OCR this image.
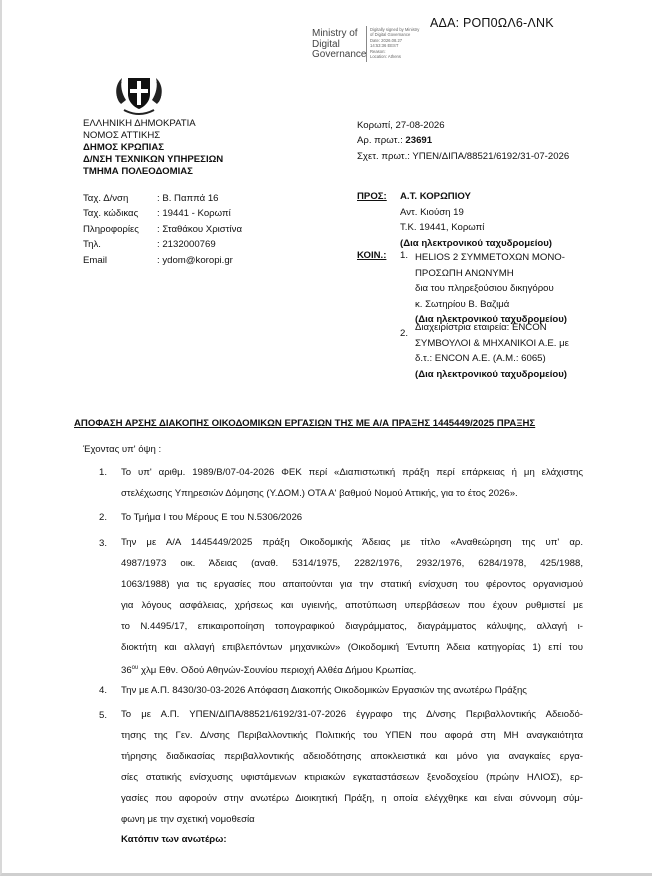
ΑΔΑ: ΡΟΠ0ΩΛ6-ΛΝΚ
Ministry of
Digital
Governance
Digitally signed by Ministry
of Digital Governance
Date: 2026.08.27
14:53:36 EEST
Reason:
Location: Athens
ΕΛΛΗΝΙΚΗ ΔΗΜΟΚΡΑΤΙΑ
ΝΟΜΟΣ ΑΤΤΙΚΗΣ
ΔΗΜΟΣ ΚΡΩΠΙΑΣ
Δ/ΝΣΗ ΤΕΧΝΙΚΩΝ ΥΠΗΡΕΣΙΩΝ
ΤΜΗΜΑ ΠΟΛΕΟΔΟΜΙΑΣ
Ταχ. Δ/νση
Ταχ. κώδικας
Πληροφορίες
Τηλ.
Email
: Β. Παππά 16
: 19441 - Κορωπί
: Σταθάκου Χριστίνα
: 2132000769
: ydom@koropi.gr
Κορωπί, 27-08-2026
Αρ. πρωτ.: 23691
Σχετ. πρωτ.: ΥΠΕΝ/ΔΙΠΑ/88521/6192/31-07-2026
ΠΡΟΣ: Α.Τ. ΚΟΡΩΠΙΟΥ
Αντ. Κιούση 19
Τ.Κ. 19441, Κορωπί
(Δια ηλεκτρονικού ταχυδρομείου)
ΚΟΙΝ.: 1. HELIOS 2 ΣΥΜΜΕΤΟΧΩΝ ΜΟΝΟ-
ΠΡΟΣΩΠΗ ΑΝΩΝΥΜΗ
δια του πληρεξούσιου δικηγόρου
κ. Σωτηρίου Β. Βαζιμά
(Δια ηλεκτρονικού ταχυδρομείου)
2.
Διαχειρίστρια εταιρεία: ENCON
ΣΥΜΒΟΥΛΟΙ & ΜΗΧΑΝΙΚΟΙ Α.Ε. με
δ.τ.: ENCON Α.Ε. (Α.Μ.: 6065)
(Δια ηλεκτρονικού ταχυδρομείου)
ΑΠΟΦΑΣΗ ΑΡΣΗΣ ΔΙΑΚΟΠΗΣ ΟΙΚΟΔΟΜΙΚΩΝ ΕΡΓΑΣΙΩΝ ΤΗΣ ΜΕ Α/Α ΠΡΑΞΗΣ 1445449/2025 ΠΡΑΞΗΣ
Έχοντας υπ' όψη :
1. Το υπ' αριθμ. 1989/Β/07-04-2026 ΦΕΚ περί «Διαπιστωτική πράξη περί επάρκειας ή μη ελάχιστης
στελέχωσης Υπηρεσιών Δόμησης (Υ.ΔΟΜ.) ΟΤΑ Α' βαθμού Νομού Αττικής, για το έτος 2026».
2. Το Τμήμα Ι του Μέρους Ε του Ν.5306/2026
3. Την με Α/Α 1445449/2025 πράξη Οικοδομικής Άδειας με τίτλο «Αναθεώρηση της υπ' αρ.
4987/1973 οικ. Άδειας (αναθ. 5314/1975, 2282/1976, 2932/1976, 6284/1978, 425/1988,
1063/1988) για τις εργασίες που απαιτούνται για την στατική ενίσχυση του φέροντος οργανισμού
για λόγους ασφάλειας, χρήσεως και υγιεινής, αποτύπωση υπερβάσεων που έχουν ρυθμιστεί με
το Ν.4495/17, επικαιροποίηση τοπογραφικού διαγράμματος, διαγράμματος κάλυψης, αλλαγή ι-
διοκτήτη και αλλαγή επιβλεπόντων μηχανικών» (Οικοδομική Έντυπη Άδεια κατηγορίας 1) επί του
$36^{o\upsilon}$ χλμ Εθν. Οδού Αθηνών-Σουνίου περιοχή Αλθέα Δήμου Κρωπίας.
4. Την με Α.Π. 8430/30-03-2026 Απόφαση Διακοπής Οικοδομικών Εργασιών της ανωτέρω Πράξης
5. Το με Α.Π. ΥΠΕΝ/ΔΙΠΑ/88521/6192/31-07-2026 έγγραφο της Δ/νσης Περιβαλλοντικής Αδειοδό-
τησης της Γεν. Δ/νσης Περιβαλλοντικής Πολιτικής του ΥΠΕΝ που αφορά στη ΜΗ αναγκαιότητα
τήρησης διαδικασίας περιβαλλοντικής αδειοδότησης αποκλειστικά και μόνο για αναγκαίες εργα-
σίες στατικής ενίσχυσης υφιστάμενων κτιριακών εγκαταστάσεων ξενοδοχείου (πρώην ΗΛΙΟΣ), ερ-
γασίες που αφορούν στην ανωτέρω Διοικητική Πράξη, η οποία ελέγχθηκε και είναι σύννομη σύμ-
φωνη με την σχετική νομοθεσία
Κατόπιν των ανωτέρω:
